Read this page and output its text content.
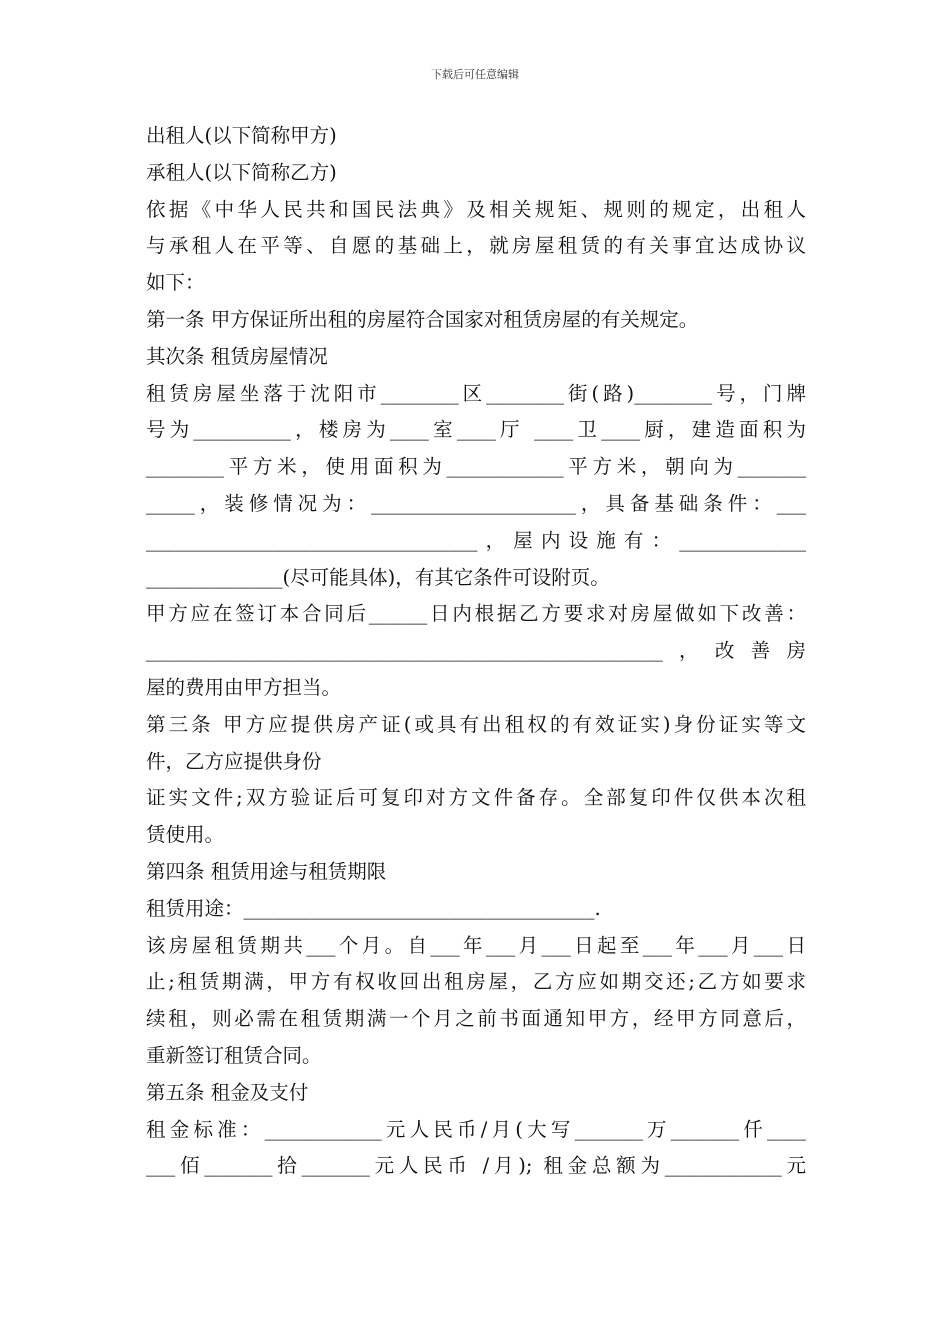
下载后可任意编辑
出租人(以下简称甲方)
承租人(以下简称乙方)
依据《中华人民共和国民法典》及相关规矩、规则的规定，出租人
与承租人在平等、自愿的基础上，就房屋租赁的有关事宜达成协议
如下：
第一条 甲方保证所出租的房屋符合国家对租赁房屋的有关规定。
其次条 租赁房屋情况
租赁房屋坐落于沈阳市________区________街(路)________号，门牌
号为__________，楼房为____室____厅 ____卫____厨，建造面积为
________平方米，使用面积为____________平方米，朝向为_______
_____，装修情况为：_____________________，具备基础条件：___
__________________________________，屋内设施有：_____________
______________(尽可能具体)，有其它条件可设附页。
甲方应在签订本合同后______日内根据乙方要求对房屋做如下改善：
_____________________________________________________，改善房
屋的费用由甲方担当。
第三条 甲方应提供房产证(或具有出租权的有效证实)身份证实等文
件，乙方应提供身份
证实文件;双方验证后可复印对方文件备存。全部复印件仅供本次租
赁使用。
第四条 租赁用途与租赁期限
租赁用途：____________________________________.
该房屋租赁期共___个月。自___年___月___日起至___年___月___日
止;租赁期满，甲方有权收回出租房屋，乙方应如期交还;乙方如要求
续租，则必需在租赁期满一个月之前书面通知甲方，经甲方同意后，
重新签订租赁合同。
第五条 租金及支付
租金标准：____________元人民币/月(大写_______万_______仟____
___佰_______拾_______元人民币 /月); 租金总额为____________元
